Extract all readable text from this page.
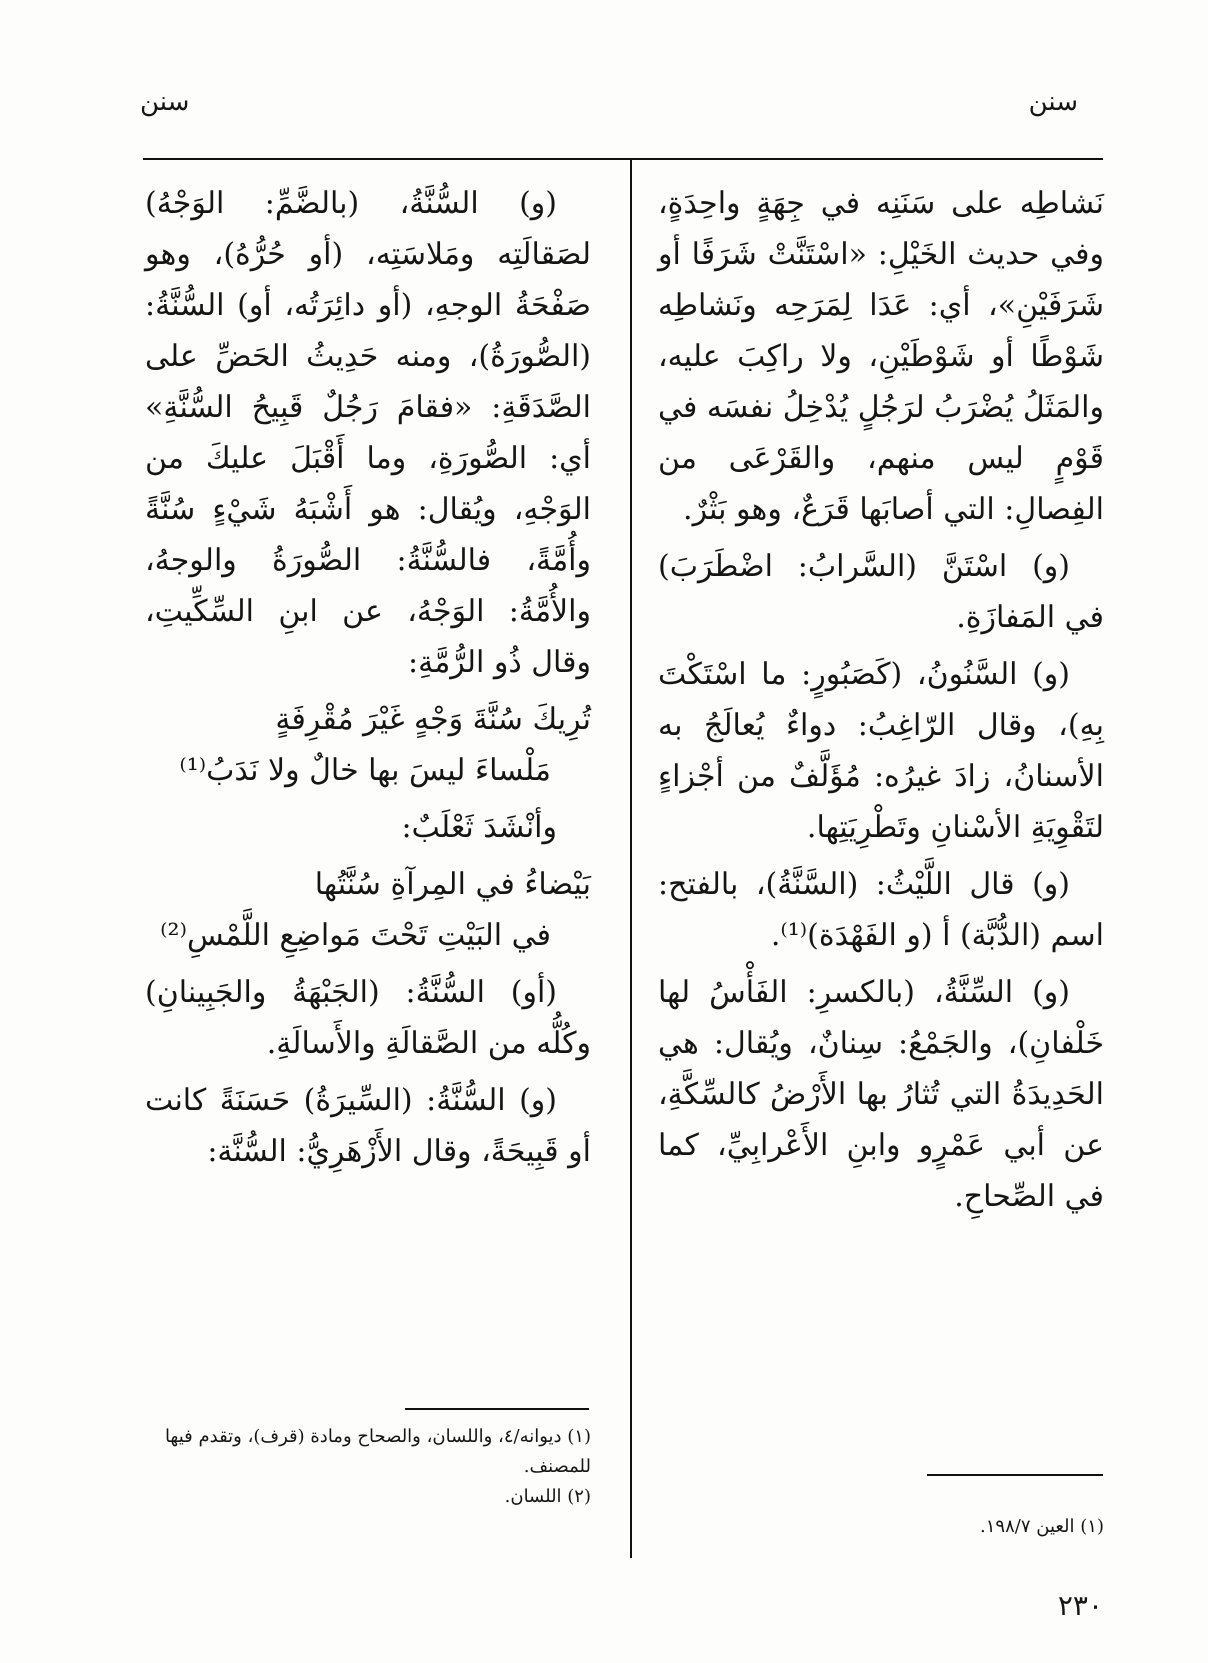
سنن
سنن

نَشاطِه على سَنَنِه في جِهَةٍ واحِدَةٍ، وفي حديث الخَيْلِ: «اسْتَنَّتْ شَرَفًا أو شَرَفَيْنِ»، أي: عَدَا لِمَرَحِه ونَشاطِه شَوْطًا أو شَوْطَيْنِ، ولا راكِبَ عليه، والمَثَلُ يُضْرَبُ لرَجُلٍ يُدْخِلُ نفسَه في قَوْمٍ ليس منهم، والقَرْعَى من الفِصالِ: التي أصابَها قَرَعٌ، وهو بَثْرٌ.

(و) اسْتَنَّ (السَّرابُ: اضْطَرَبَ) في المَفازَةِ.

(و) السَّنُونُ، (كَصَبُورٍ: ما اسْتَكْتَ بِهِ)، وقال الرّاغِبُ: دواءٌ يُعالَجُ به الأسنانُ، زادَ غيرُه: مُؤَلَّفٌ من أجْزاءٍ لتَقْوِيَةِ الأسْنانِ وتَطْرِيَتِها.

(و) قال اللَّيْثُ: (السَّنَّةُ)، بالفتح: اسم (الدُّبَّة) أ (و الفَهْدَة)⁽¹⁾.

(و) السِّنَّةُ، (بالكسرِ: الفَأْسُ لها خَلْفانِ)، والجَمْعُ: سِنانٌ، ويُقال: هي الحَدِيدَةُ التي تُثارُ بها الأَرْضُ كالسِّكَّةِ، عن أبي عَمْرٍو وابنِ الأَعْرابِيِّ، كما في الصِّحاحِ.

(و) السُّنَّةُ، (بالضَّمِّ: الوَجْهُ) لصَقالَتِه ومَلاسَتِه، (أو حُرُّهُ)، وهو صَفْحَةُ الوجهِ، (أو دائِرَتُه، أو) السُّنَّةُ: (الصُّورَةُ)، ومنه حَدِيثُ الحَضِّ على الصَّدَقَةِ: «فقامَ رَجُلٌ قَبِيحُ السُّنَّةِ» أي: الصُّورَةِ، وما أَقْبَلَ عليكَ من الوَجْهِ، ويُقال: هو أَشْبَهُ شَيْءٍ سُنَّةً وأُمَّةً، فالسُّنَّةُ: الصُّورَةُ والوجهُ، والأُمَّةُ: الوَجْهُ، عن ابنِ السِّكِّيتِ، وقال ذُو الرُّمَّةِ:

تُرِيكَ سُنَّةَ وَجْهٍ غَيْرَ مُقْرِفَةٍ
مَلْساءَ ليسَ بها خالٌ ولا نَدَبُ⁽¹⁾

وأنْشَدَ ثَعْلَبٌ:

بَيْضاءُ في المِرآةِ سُنَّتُها
في البَيْتِ تَحْتَ مَواضِعِ اللَّمْسِ⁽²⁾

(أو) السُّنَّةُ: (الجَبْهَةُ والجَبِينانِ) وكُلُّه من الصَّقالَةِ والأَسالَةِ.

(و) السُّنَّةُ: (السِّيرَةُ) حَسَنَةً كانت أو قَبِيحَةً، وقال الأَزْهَرِيُّ: السُّنَّة:

(١) ديوانه/٤، واللسان، والصحاح ومادة (قرف)، وتقدم فيها للمصنف.
(٢) اللسان.
(١) العين ١٩٨/٧.
٢٣٠
